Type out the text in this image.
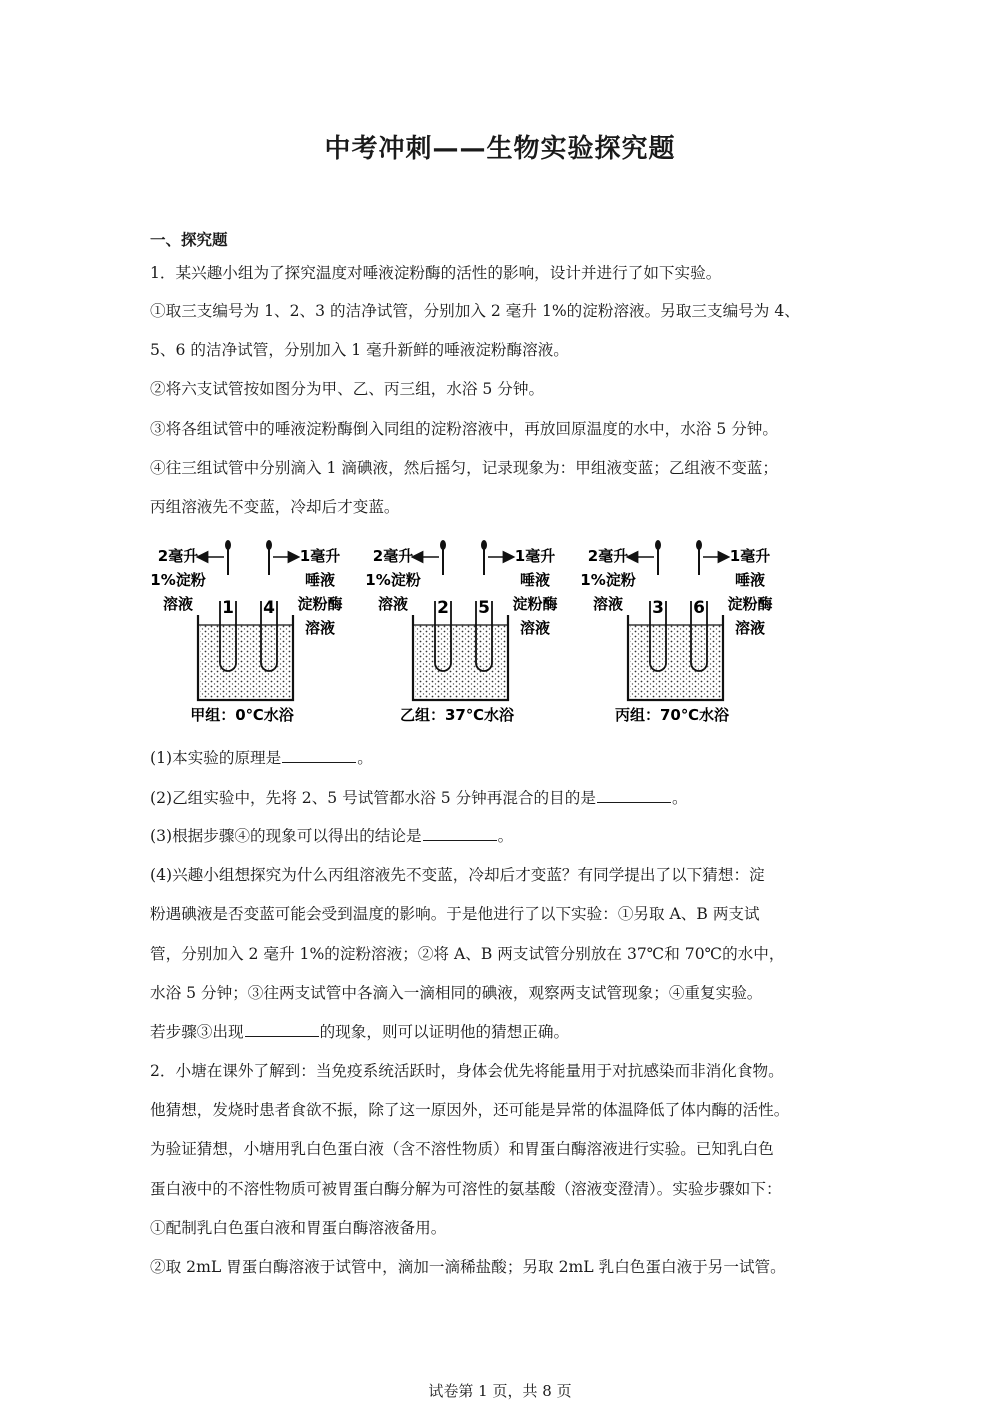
中考冲刺——生物实验探究题
一、探究题
1．某兴趣小组为了探究温度对唾液淀粉酶的活性的影响，设计并进行了如下实验。
①取三支编号为 1、2、3 的洁净试管，分别加入 2 毫升 1%的淀粉溶液。另取三支编号为 4、
5、6 的洁净试管，分别加入 1 毫升新鲜的唾液淀粉酶溶液。
②将六支试管按如图分为甲、乙、丙三组，水浴 5 分钟。
③将各组试管中的唾液淀粉酶倒入同组的淀粉溶液中，再放回原温度的水中，水浴 5 分钟。
④往三组试管中分别滴入 1 滴碘液，然后摇匀，记录现象为：甲组液变蓝；乙组液不变蓝；
丙组溶液先不变蓝，冷却后才变蓝。
1 4
2毫升
1%淀粉
溶液
1毫升
唾液
淀粉酶
溶液
甲组：0℃水浴
2 5
2毫升
1%淀粉
溶液
1毫升
唾液
淀粉酶
溶液
乙组：37℃水浴
3 6
2毫升
1%淀粉
溶液
1毫升
唾液
淀粉酶
溶液
丙组：70℃水浴
(1)本实验的原理是	。
(2)乙组实验中，先将 2、5 号试管都水浴 5 分钟再混合的目的是	。
(3)根据步骤④的现象可以得出的结论是	。
(4)兴趣小组想探究为什么丙组溶液先不变蓝，冷却后才变蓝？有同学提出了以下猜想：淀
粉遇碘液是否变蓝可能会受到温度的影响。于是他进行了以下实验：①另取 A、B 两支试
管，分别加入 2 毫升 1%的淀粉溶液；②将 A、B 两支试管分别放在 37℃和 70℃的水中，
水浴 5 分钟；③往两支试管中各滴入一滴相同的碘液，观察两支试管现象；④重复实验。
若步骤③出现	的现象，则可以证明他的猜想正确。
2．小塘在课外了解到：当免疫系统活跃时，身体会优先将能量用于对抗感染而非消化食物。
他猜想，发烧时患者食欲不振，除了这一原因外，还可能是异常的体温降低了体内酶的活性。
为验证猜想，小塘用乳白色蛋白液（含不溶性物质）和胃蛋白酶溶液进行实验。已知乳白色
蛋白液中的不溶性物质可被胃蛋白酶分解为可溶性的氨基酸（溶液变澄清）。实验步骤如下：
①配制乳白色蛋白液和胃蛋白酶溶液备用。
②取 2mL 胃蛋白酶溶液于试管中，滴加一滴稀盐酸；另取 2mL 乳白色蛋白液于另一试管。
试卷第 1 页，共 8 页
